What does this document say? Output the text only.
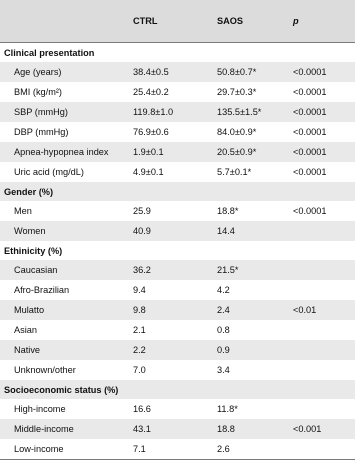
	CTRL	SAOS	p
Clinical presentation			
Age (years)	38.4±0.5	50.8±0.7*	<0.0001
BMI (kg/m²)	25.4±0.2	29.7±0.3*	<0.0001
SBP (mmHg)	119.8±1.0	135.5±1.5*	<0.0001
DBP (mmHg)	76.9±0.6	84.0±0.9*	<0.0001
Apnea-hypopnea index	1.9±0.1	20.5±0.9*	<0.0001
Uric acid (mg/dL)	4.9±0.1	5.7±0.1*	<0.0001
Gender (%)			
Men	25.9	18.8*	<0.0001
Women	40.9	14.4	
Ethinicity (%)			
Caucasian	36.2	21.5*	
Afro-Brazilian	9.4	4.2	
Mulatto	9.8	2.4	<0.01
Asian	2.1	0.8	
Native	2.2	0.9	
Unknown/other	7.0	3.4	
Socioeconomic status (%)			
High-income	16.6	11.8*	
Middle-income	43.1	18.8	<0.001
Low-income	7.1	2.6	
